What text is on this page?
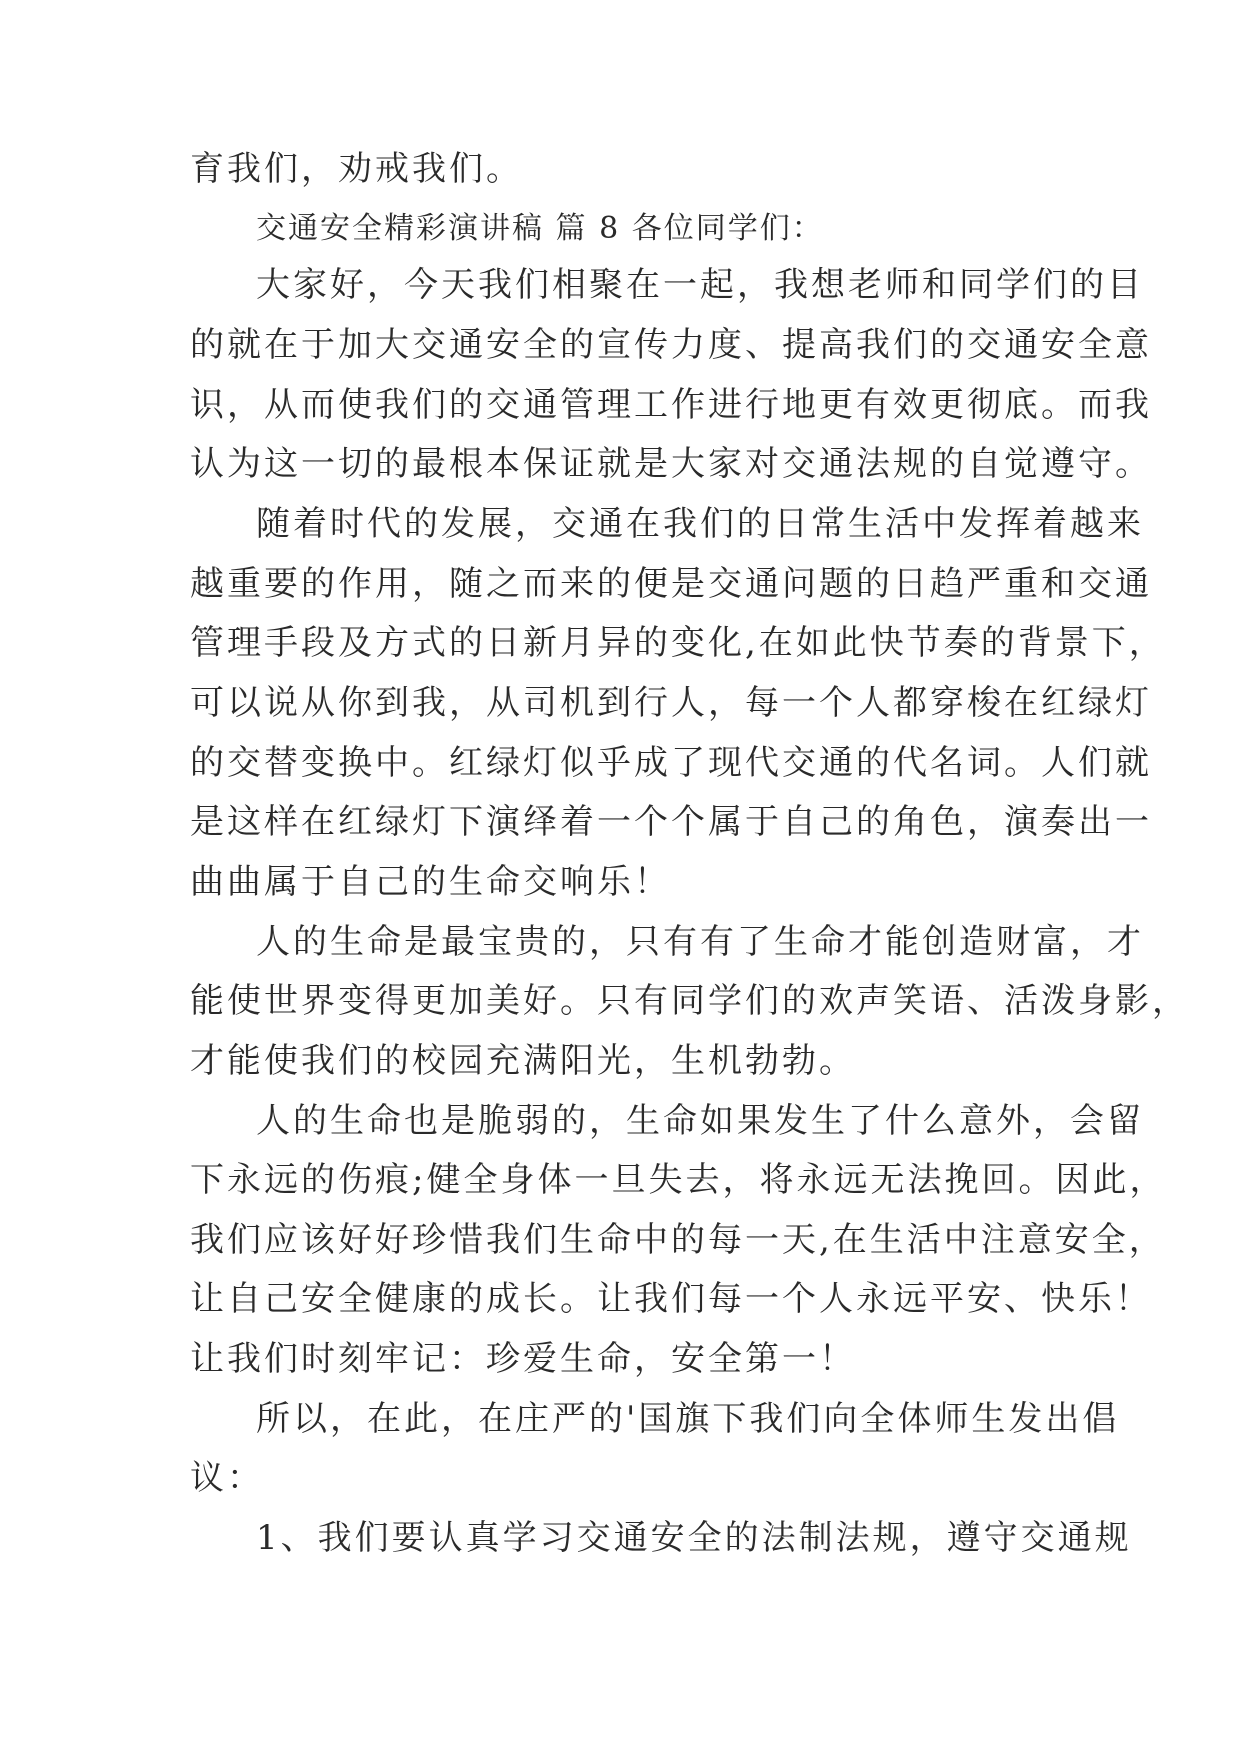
育我们，劝戒我们。

交通安全精彩演讲稿 篇 8 各位同学们：

大家好，今天我们相聚在一起，我想老师和同学们的目

的就在于加大交通安全的宣传力度、提高我们的交通安全意

识，从而使我们的交通管理工作进行地更有效更彻底。而我

认为这一切的最根本保证就是大家对交通法规的自觉遵守。

随着时代的发展，交通在我们的日常生活中发挥着越来

越重要的作用，随之而来的便是交通问题的日趋严重和交通

管理手段及方式的日新月异的变化,在如此快节奏的背景下，

可以说从你到我，从司机到行人，每一个人都穿梭在红绿灯

的交替变换中。红绿灯似乎成了现代交通的代名词。人们就

是这样在红绿灯下演绎着一个个属于自己的角色，演奏出一

曲曲属于自己的生命交响乐！

人的生命是最宝贵的，只有有了生命才能创造财富，才

能使世界变得更加美好。只有同学们的欢声笑语、活泼身影，

才能使我们的校园充满阳光，生机勃勃。

人的生命也是脆弱的，生命如果发生了什么意外，会留

下永远的伤痕;健全身体一旦失去，将永远无法挽回。因此，

我们应该好好珍惜我们生命中的每一天,在生活中注意安全，

让自己安全健康的成长。让我们每一个人永远平安、快乐！

让我们时刻牢记：珍爱生命，安全第一！

所以，在此，在庄严的'国旗下我们向全体师生发出倡

议：

1、我们要认真学习交通安全的法制法规，遵守交通规
